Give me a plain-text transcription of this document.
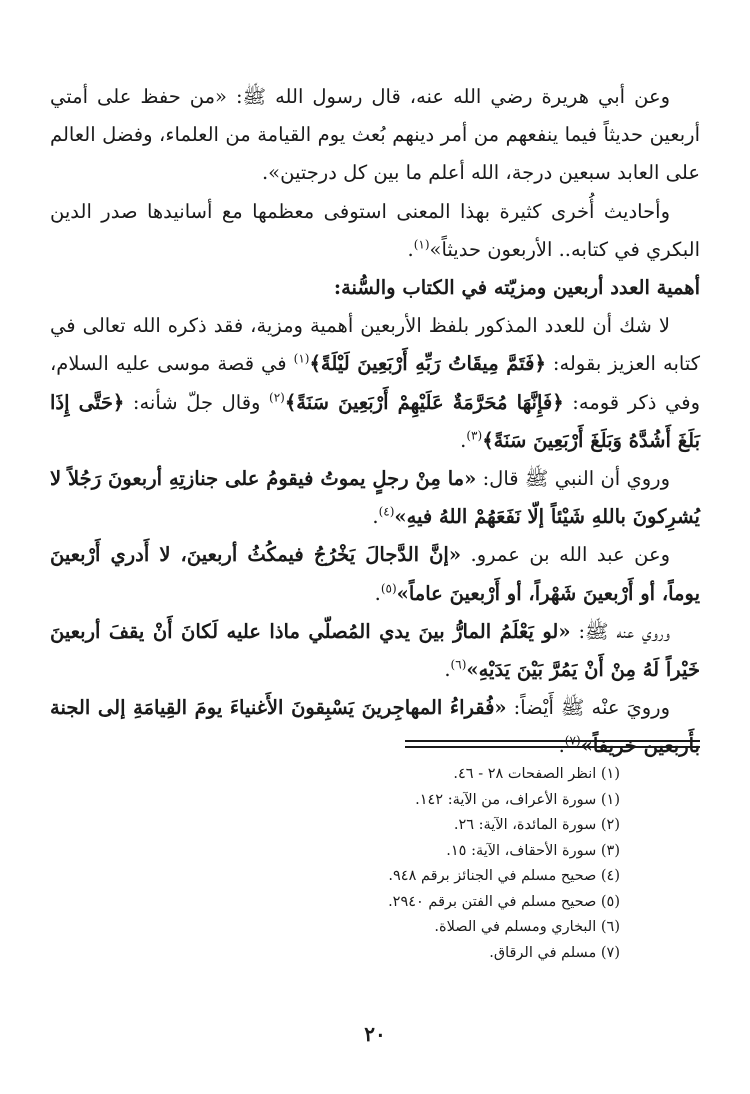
وعن أبي هريرة رضي الله عنه، قال رسول الله ﷺ: «من حفظ على أمتي أربعين حديثاً فيما ينفعهم من أمر دينهم بُعث يوم القيامة من العلماء، وفضل العالم على العابد سبعين درجة، الله أعلم ما بين كل درجتين».

وأحاديث أُخرى كثيرة بهذا المعنى استوفى معظمها مع أسانيدها صدر الدين البكري في كتابه.. الأربعون حديثاً»$^{(١)}$.

أهمية العدد أربعين ومزيّته في الكتاب والسُّنة:

لا شك أن للعدد المذكور بلفظ الأربعين أهمية ومزية، فقد ذكره الله تعالى في كتابه العزيز بقوله: ﴿فَتَمَّ مِيقَاتُ رَبِّهِ أَرْبَعِينَ لَيْلَةً﴾$^{(١)}$ في قصة موسى عليه السلام، وفي ذكر قومه: ﴿فَإِنَّهَا مُحَرَّمَةٌ عَلَيْهِمْ أَرْبَعِينَ سَنَةً﴾$^{(٢)}$ وقال جلّ شأنه: ﴿حَتَّى إِذَا بَلَغَ أَشُدَّهُ وَبَلَغَ أَرْبَعِينَ سَنَةً﴾$^{(٣)}$.

وروي أن النبي ﷺ قال: «ما مِنْ رجلٍ يموتُ فيقومُ على جنازتِهِ أربعونَ رَجُلاً لا يُشرِكونَ باللهِ شَيْئاً إلّا نَفَعَهُمْ اللهُ فيهِ»$^{(٤)}$.

وعن عبد الله بن عمرو. «إنَّ الدَّجالَ يَخْرُجُ فيمكُثُ أربعينَ، لا أَدري أَرْبعينَ يوماً، أو أَرْبعينَ شَهْراً، أو أَرْبعينَ عاماً»$^{(٥)}$.

وروي عنه ﷺ: «لو يَعْلَمُ المارُّ بينَ يدي المُصلّي ماذا عليه لَكانَ أَنْ يقفَ أربعينَ خَيْراً لَهُ مِنْ أَنْ يَمُرَّ بَيْنَ يَدَيْهِ»$^{(٦)}$.

ورويَ عنْه ﷺ أَيْضاً: «فُقراءُ المهاجِرينَ يَسْبِقونَ الأَغنياءَ يومَ القِيامَةِ إلى الجنة بأَربعين خريفاً»$^{(٧)}$.

(١) انظر الصفحات ٢٨ - ٤٦.
(١) سورة الأعراف، من الآية: ١٤٢.
(٢) سورة المائدة، الآية: ٢٦.
(٣) سورة الأحقاف، الآية: ١٥.
(٤) صحيح مسلم في الجنائز برقم ٩٤٨.
(٥) صحيح مسلم في الفتن برقم ٢٩٤٠.
(٦) البخاري ومسلم في الصلاة.
(٧) مسلم في الرقاق.
٢٠
